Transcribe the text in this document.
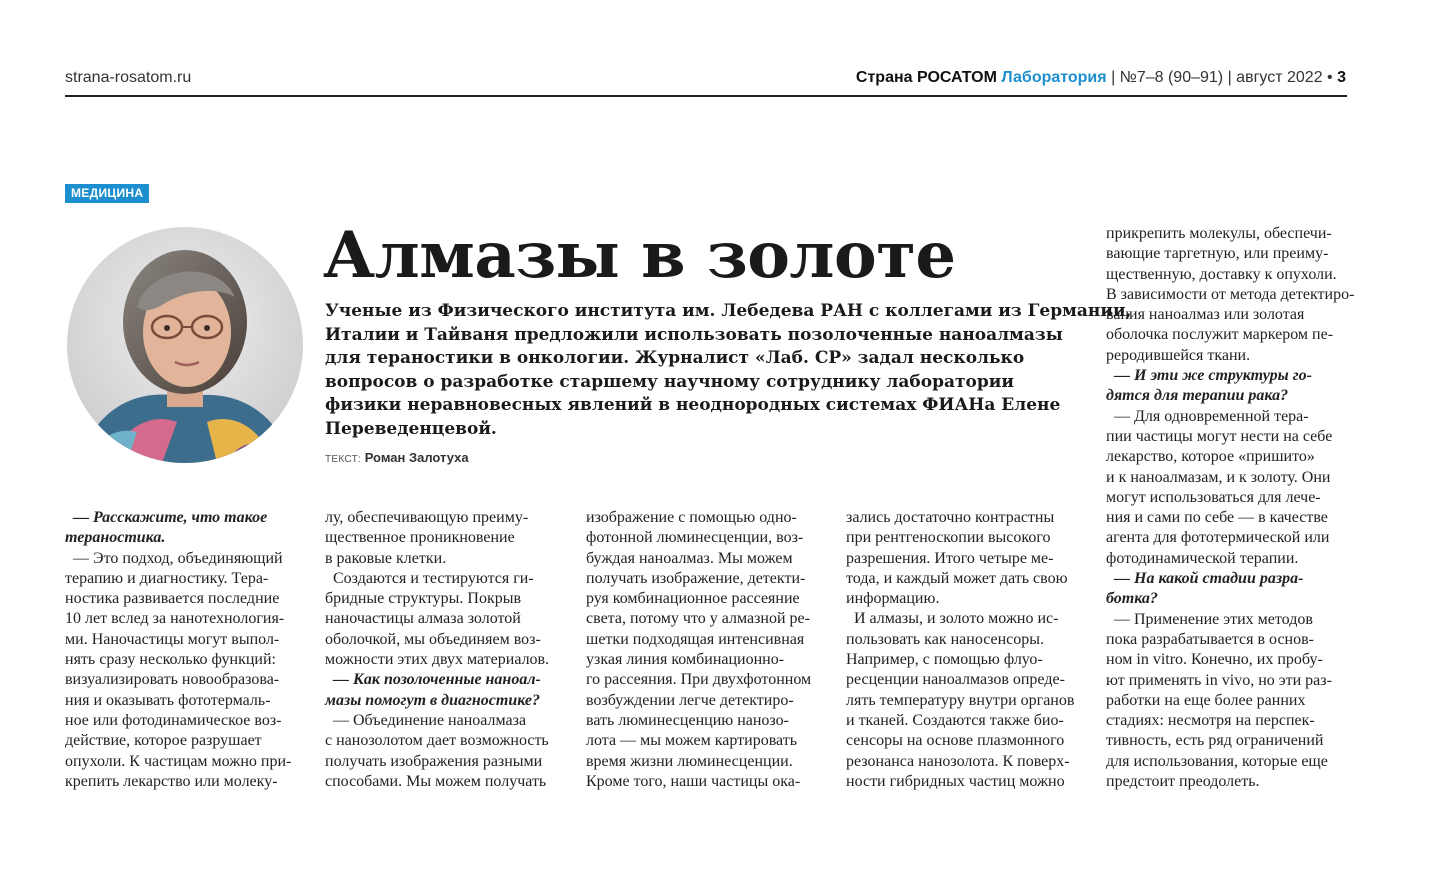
strana-rosatom.ru	Страна РОСАТОМ Лаборатория | №7–8 (90–91) | август 2022 • 3
МЕДИЦИНА
Алмазы в золоте
Ученые из Физического института им. Лебедева РАН с коллегами из Германии,
Италии и Тайваня предложили использовать позолоченные наноалмазы
для тераностики в онкологии. Журналист «Лаб. СР» задал несколько
вопросов о разработке старшему научному сотруднику лаборатории
физики неравновесных явлений в неоднородных системах ФИАНа Елене
Переведенцевой.
ТЕКСТ: Роман Залотуха
— Расскажите, что такое
тераностика.
— Это подход, объединяющий
терапию и диагностику. Тера-
ностика развивается последние
10 лет вслед за нанотехнология-
ми. Наночастицы могут выпол-
нять сразу несколько функций:
визуализировать новообразова-
ния и оказывать фототермаль-
ное или фотодинамическое воз-
действие, которое разрушает
опухоли. К частицам можно при-
крепить лекарство или молеку-
лу, обеспечивающую преиму-
щественное проникновение
в раковые клетки.
Создаются и тестируются ги-
бридные структуры. Покрыв
наночастицы алмаза золотой
оболочкой, мы объединяем воз-
можности этих двух материалов.
— Как позолоченные наноал-
мазы помогут в диагностике?
— Объединение наноалмаза
с нанозолотом дает возможность
получать изображения разными
способами. Мы можем получать
изображение с помощью одно-
фотонной люминесценции, воз-
буждая наноалмаз. Мы можем
получать изображение, детекти-
руя комбинационное рассеяние
света, потому что у алмазной ре-
шетки подходящая интенсивная
узкая линия комбинационно-
го рассеяния. При двухфотонном
возбуждении легче детектиро-
вать люминесценцию нанозо-
лота — мы можем картировать
время жизни люминесценции.
Кроме того, наши частицы ока-
зались достаточно контрастны
при рентгеноскопии высокого
разрешения. Итого четыре ме-
тода, и каждый может дать свою
информацию.
И алмазы, и золото можно ис-
пользовать как наносенсоры.
Например, с помощью флуо-
ресценции наноалмазов опреде-
лять температуру внутри органов
и тканей. Создаются также био-
сенсоры на основе плазмонного
резонанса нанозолота. К поверх-
ности гибридных частиц можно
прикрепить молекулы, обеспечи-
вающие таргетную, или преиму-
щественную, доставку к опухоли.
В зависимости от метода детектиро-
вания наноалмаз или золотая
оболочка послужит маркером пе-
реродившейся ткани.
— И эти же структуры го-
дятся для терапии рака?
— Для одновременной тера-
пии частицы могут нести на себе
лекарство, которое «пришито»
и к наноалмазам, и к золоту. Они
могут использоваться для лече-
ния и сами по себе — в качестве
агента для фототермической или
фотодинамической терапии.
— На какой стадии разра-
ботка?
— Применение этих методов
пока разрабатывается в основ-
ном in vitro. Конечно, их пробу-
ют применять in vivo, но эти раз-
работки на еще более ранних
стадиях: несмотря на перспек-
тивность, есть ряд ограничений
для использования, которые еще
предстоит преодолеть.
